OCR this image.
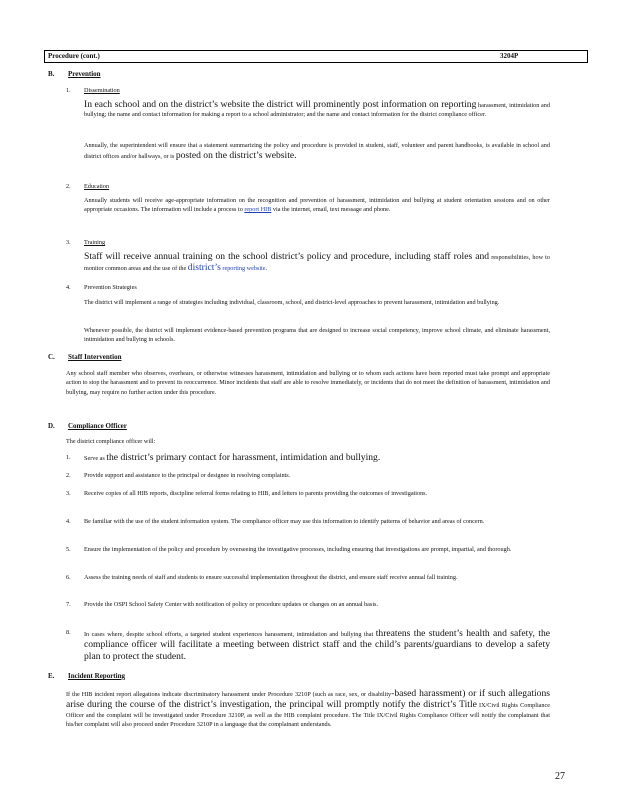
Procedure (cont.)	3204P
B. Prevention
1. Dissemination
In each school and on the district’s website the district will prominently post information on reporting harassment, intimidation and bullying; the name and contact information for making a report to a school administrator; and the name and contact information for the district compliance officer.
Annually, the superintendent will ensure that a statement summarizing the policy and procedure is provided in student, staff, volunteer and parent handbooks, is available in school and district offices and/or hallways, or is posted on the district’s website.
2. Education
Annually students will receive age-appropriate information on the recognition and prevention of harassment, intimidation and bullying at student orientation sessions and on other appropriate occasions. The information will include a process to report HIB via the internet, email, text message and phone.
3. Training
Staff will receive annual training on the school district’s policy and procedure, including staff roles and responsibilities, how to monitor common areas and the use of the district’s reporting website.
4. Prevention Strategies
The district will implement a range of strategies including individual, classroom, school, and district-level approaches to prevent harassment, intimidation and bullying.
Whenever possible, the district will implement evidence-based prevention programs that are designed to increase social competency, improve school climate, and eliminate harassment, intimidation and bullying in schools.
C. Staff Intervention
Any school staff member who observes, overhears, or otherwise witnesses harassment, intimidation and bullying or to whom such actions have been reported must take prompt and appropriate action to stop the harassment and to prevent its reoccurrence. Minor incidents that staff are able to resolve immediately, or incidents that do not meet the definition of harassment, intimidation and bullying, may require no further action under this procedure.
D. Compliance Officer
The district compliance officer will:
1. Serve as the district’s primary contact for harassment, intimidation and bullying.
2. Provide support and assistance to the principal or designee in resolving complaints.
3. Receive copies of all HIB reports, discipline referral forms relating to HIB, and letters to parents providing the outcomes of investigations.
4. Be familiar with the use of the student information system. The compliance officer may use this information to identify patterns of behavior and areas of concern.
5. Ensure the implementation of the policy and procedure by overseeing the investigative processes, including ensuring that investigations are prompt, impartial, and thorough.
6. Assess the training needs of staff and students to ensure successful implementation throughout the district, and ensure staff receive annual fall training.
7. Provide the OSPI School Safety Center with notification of policy or procedure updates or changes on an annual basis.
8. In cases where, despite school efforts, a targeted student experiences harassment, intimidation and bullying that threatens the student’s health and safety, the compliance officer will facilitate a meeting between district staff and the child’s parents/guardians to develop a safety plan to protect the student.
E. Incident Reporting
If the HIB incident report allegations indicate discriminatory harassment under Procedure 3210P (such as race, sex, or disability-based harassment) or if such allegations arise during the course of the district’s investigation, the principal will promptly notify the district’s Title IX/Civil Rights Compliance Officer and the complaint will be investigated under Procedure 3210P, as well as the HIB complaint procedure. The Title IX/Civil Rights Compliance Officer will notify the complainant that his/her complaint will also proceed under Procedure 3210P in a language that the complainant understands.
27
